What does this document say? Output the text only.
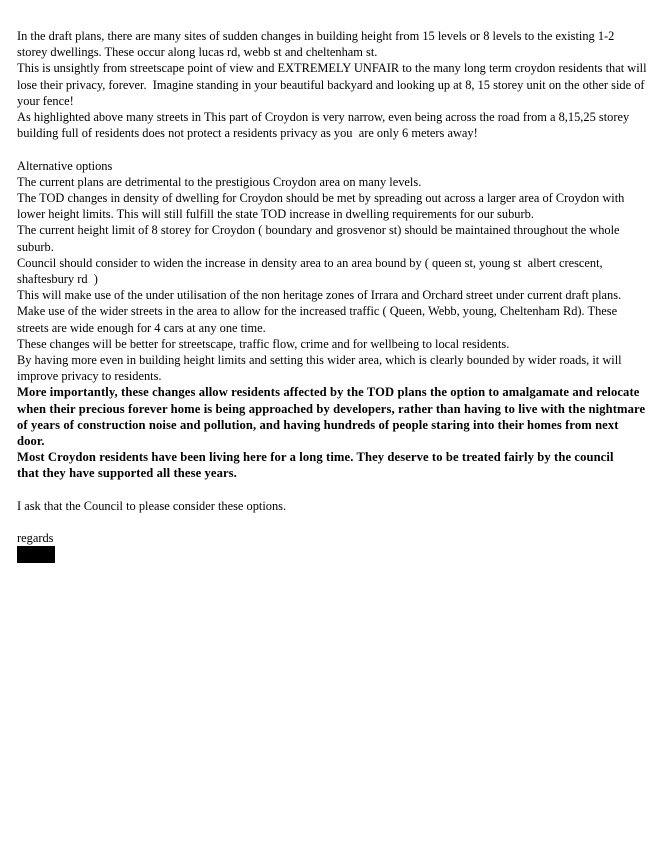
In the draft plans, there are many sites of sudden changes in building height from 15 levels or 8 levels to the existing 1-2 storey dwellings. These occur along lucas rd, webb st and cheltenham st.

This is unsightly from streetscape point of view and EXTREMELY UNFAIR to the many long term croydon residents that will lose their privacy, forever.  Imagine standing in your beautiful backyard and looking up at 8, 15 storey unit on the other side of your fence!

As highlighted above many streets in This part of Croydon is very narrow, even being across the road from a 8,15,25 storey building full of residents does not protect a residents privacy as you  are only 6 meters away!

Alternative options

The current plans are detrimental to the prestigious Croydon area on many levels.

The TOD changes in density of dwelling for Croydon should be met by spreading out across a larger area of Croydon with lower height limits. This will still fulfill the state TOD increase in dwelling requirements for our suburb.

The current height limit of 8 storey for Croydon ( boundary and grosvenor st) should be maintained throughout the whole suburb.

Council should consider to widen the increase in density area to an area bound by ( queen st, young st  albert crescent, shaftesbury rd  )

This will make use of the under utilisation of the non heritage zones of Irrara and Orchard street under current draft plans.

Make use of the wider streets in the area to allow for the increased traffic ( Queen, Webb, young, Cheltenham Rd). These streets are wide enough for 4 cars at any one time.

These changes will be better for streetscape, traffic flow, crime and for wellbeing to local residents.

By having more even in building height limits and setting this wider area, which is clearly bounded by wider roads, it will improve privacy to residents.

More importantly, these changes allow residents affected by the TOD plans the option to amalgamate and relocate when their precious forever home is being approached by developers, rather than having to live with the nightmare of years of construction noise and pollution, and having hundreds of people staring into their homes from next door.

Most Croydon residents have been living here for a long time. They deserve to be treated fairly by the council

that they have supported all these years.

I ask that the Council to please consider these options.

regards
